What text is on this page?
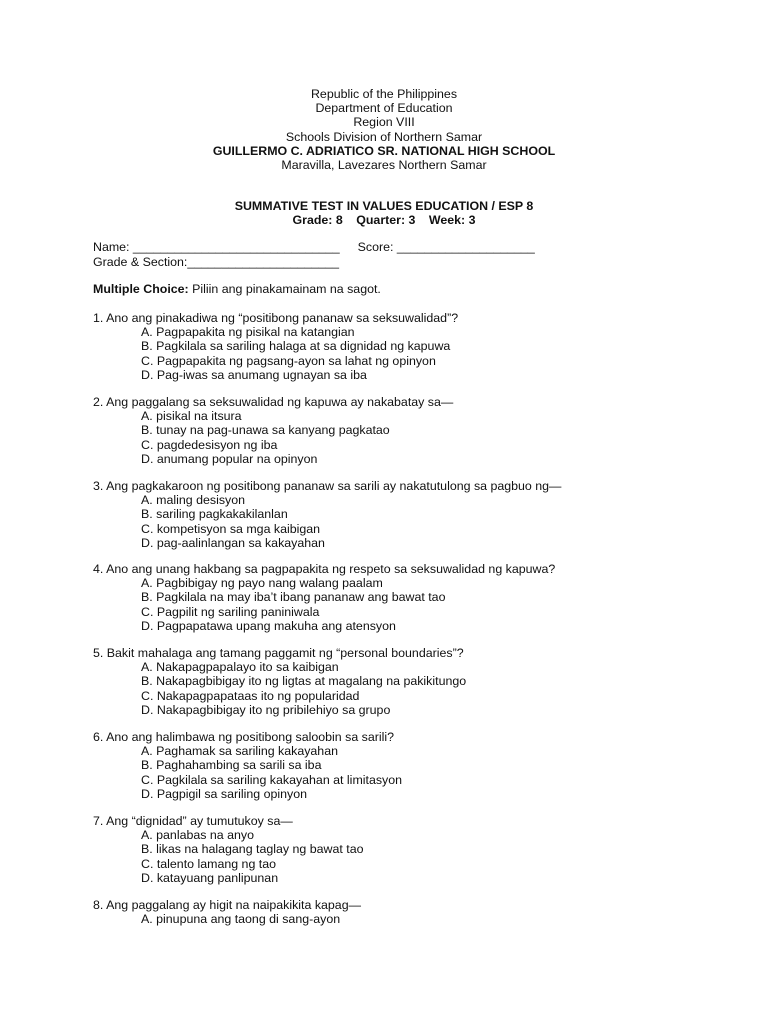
Republic of the Philippines
Department of Education
Region VIII
Schools Division of Northern Samar
GUILLERMO C. ADRIATICO SR. NATIONAL HIGH SCHOOL
Maravilla, Lavezares Northern Samar
SUMMATIVE TEST IN VALUES EDUCATION / ESP 8
Grade: 8 Quarter: 3 Week: 3
Name: ______________________________ Score: ____________________
Grade & Section:______________________
Multiple Choice: Piliin ang pinakamainam na sagot.
1. Ano ang pinakadiwa ng “positibong pananaw sa seksuwalidad”?
A. Pagpapakita ng pisikal na katangian
B. Pagkilala sa sariling halaga at sa dignidad ng kapuwa
C. Pagpapakita ng pagsang-ayon sa lahat ng opinyon
D. Pag-iwas sa anumang ugnayan sa iba
2. Ang paggalang sa seksuwalidad ng kapuwa ay nakabatay sa—
A. pisikal na itsura
B. tunay na pag-unawa sa kanyang pagkatao
C. pagdedesisyon ng iba
D. anumang popular na opinyon
3. Ang pagkakaroon ng positibong pananaw sa sarili ay nakatutulong sa pagbuo ng—
A. maling desisyon
B. sariling pagkakakilanlan
C. kompetisyon sa mga kaibigan
D. pag-aalinlangan sa kakayahan
4. Ano ang unang hakbang sa pagpapakita ng respeto sa seksuwalidad ng kapuwa?
A. Pagbibigay ng payo nang walang paalam
B. Pagkilala na may iba’t ibang pananaw ang bawat tao
C. Pagpilit ng sariling paniniwala
D. Pagpapatawa upang makuha ang atensyon
5. Bakit mahalaga ang tamang paggamit ng “personal boundaries”?
A. Nakapagpapalayo ito sa kaibigan
B. Nakapagbibigay ito ng ligtas at magalang na pakikitungo
C. Nakapagpapataas ito ng popularidad
D. Nakapagbibigay ito ng pribilehiyo sa grupo
6. Ano ang halimbawa ng positibong saloobin sa sarili?
A. Paghamak sa sariling kakayahan
B. Paghahambing sa sarili sa iba
C. Pagkilala sa sariling kakayahan at limitasyon
D. Pagpigil sa sariling opinyon
7. Ang “dignidad” ay tumutukoy sa—
A. panlabas na anyo
B. likas na halagang taglay ng bawat tao
C. talento lamang ng tao
D. katayuang panlipunan
8. Ang paggalang ay higit na naipakikita kapag—
A. pinupuna ang taong di sang-ayon
